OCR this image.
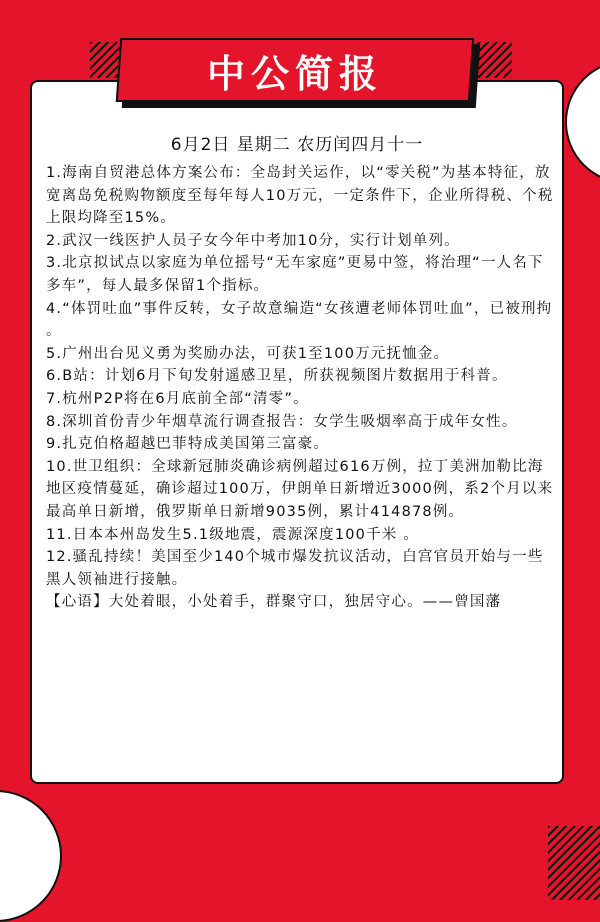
中公简报
6月2日 星期二 农历闰四月十一

1.海南自贸港总体方案公布：全岛封关运作，以“零关税”为基本特征，放宽离岛免税购物额度至每年每人10万元，一定条件下，企业所得税、个税上限均降至15%。

2.武汉一线医护人员子女今年中考加10分，实行计划单列。

3.北京拟试点以家庭为单位摇号“无车家庭”更易中签，将治理“一人名下多车”，每人最多保留1个指标。

4.“体罚吐血”事件反转，女子故意编造“女孩遭老师体罚吐血”，已被刑拘 。

5.广州出台见义勇为奖励办法，可获1至100万元抚恤金。

6.B站：计划6月下旬发射遥感卫星，所获视频图片数据用于科普。

7.杭州P2P将在6月底前全部“清零”。

8.深圳首份青少年烟草流行调查报告：女学生吸烟率高于成年女性。

9.扎克伯格超越巴菲特成美国第三富豪。

10.世卫组织：全球新冠肺炎确诊病例超过616万例，拉丁美洲加勒比海地区疫情蔓延，确诊超过100万，伊朗单日新增近3000例，系2个月以来最高单日新增，俄罗斯单日新增9035例，累计414878例。

11.日本本州岛发生5.1级地震，震源深度100千米 。

12.骚乱持续！美国至少140个城市爆发抗议活动，白宫官员开始与一些黑人领袖进行接触。

【心语】大处着眼，小处着手，群聚守口，独居守心。——曾国藩
